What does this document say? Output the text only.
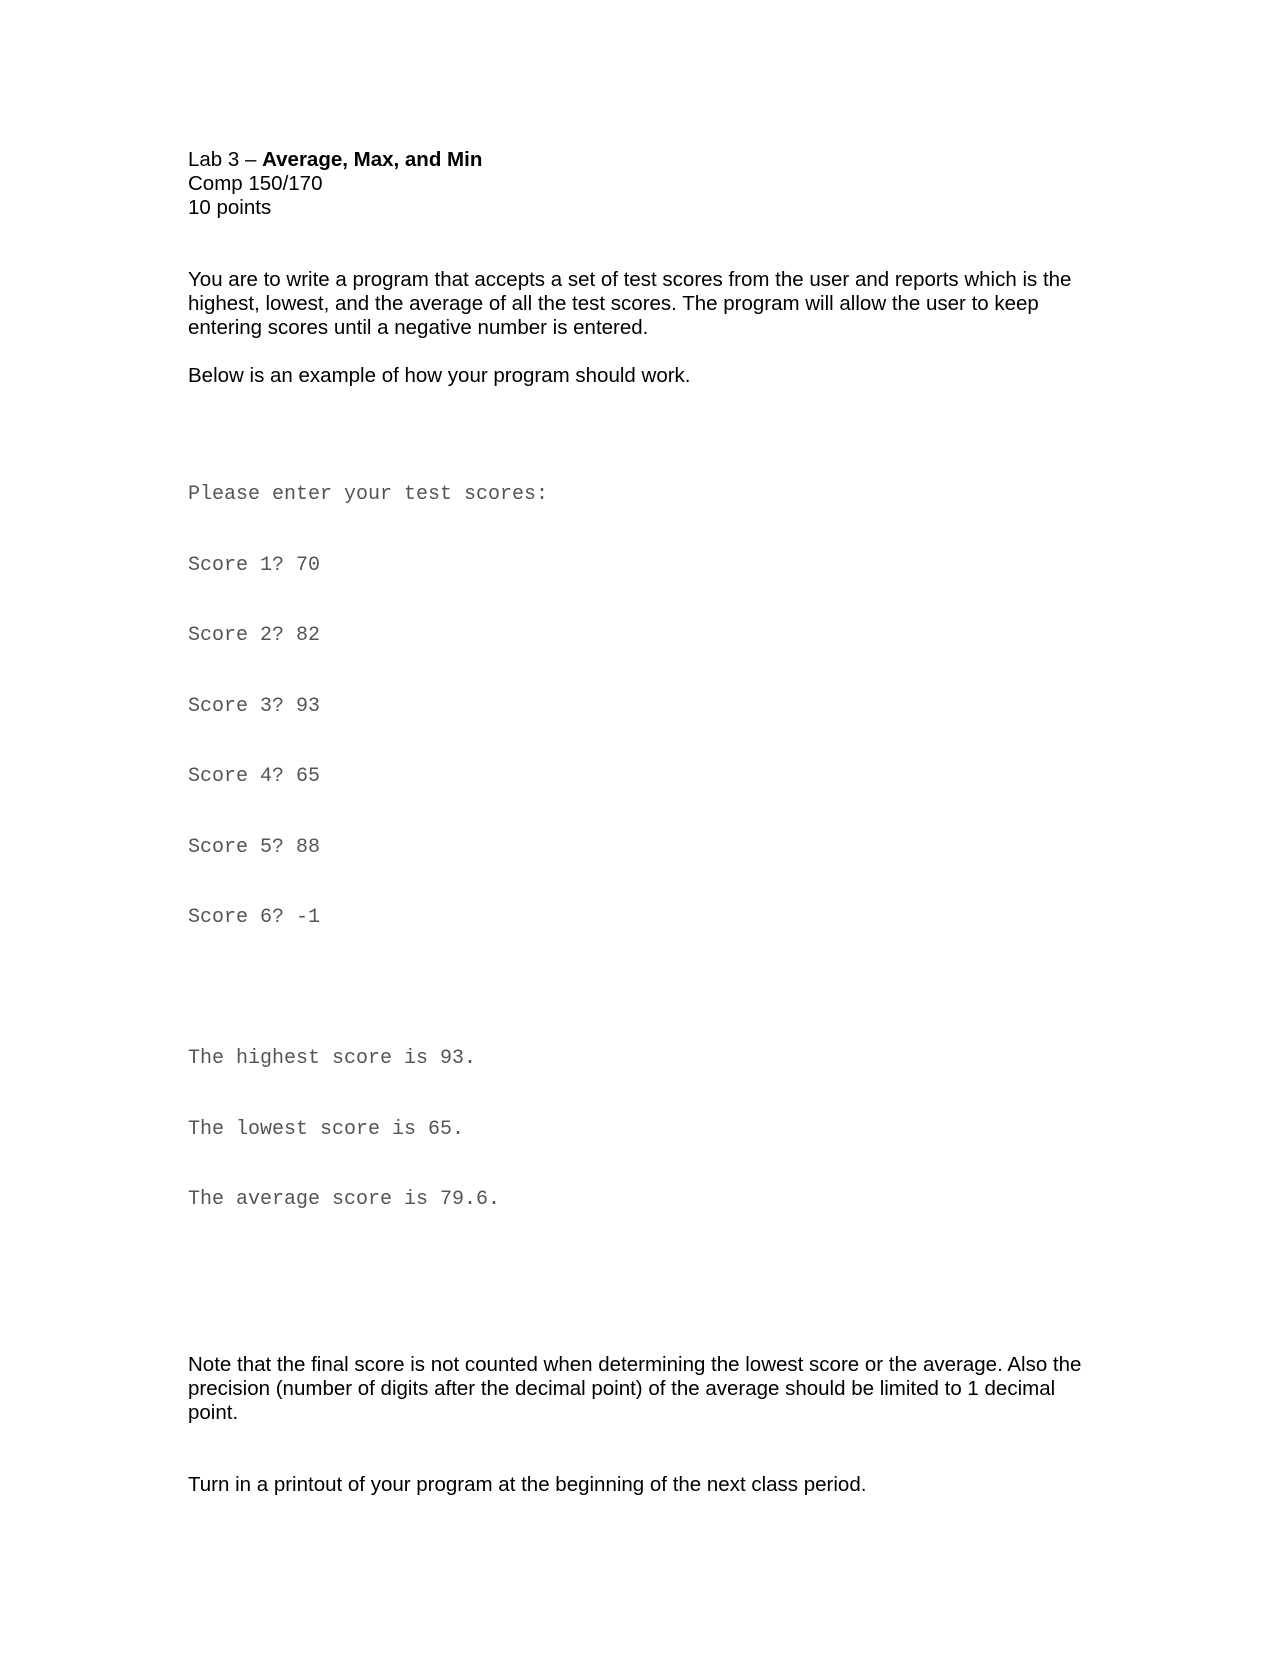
Lab 3 – Average, Max, and Min
Comp 150/170
10 points

You are to write a program that accepts a set of test scores from the user and reports which is the highest, lowest, and the average of all the test scores. The program will allow the user to keep entering scores until a negative number is entered.

Below is an example of how your program should work.

Please enter your test scores:

Score 1? 70

Score 2? 82

Score 3? 93

Score 4? 65

Score 5? 88

Score 6? -1

The highest score is 93.

The lowest score is 65.

The average score is 79.6.

Note that the final score is not counted when determining the lowest score or the average. Also the precision (number of digits after the decimal point) of the average should be limited to 1 decimal point.

Turn in a printout of your program at the beginning of the next class period.
